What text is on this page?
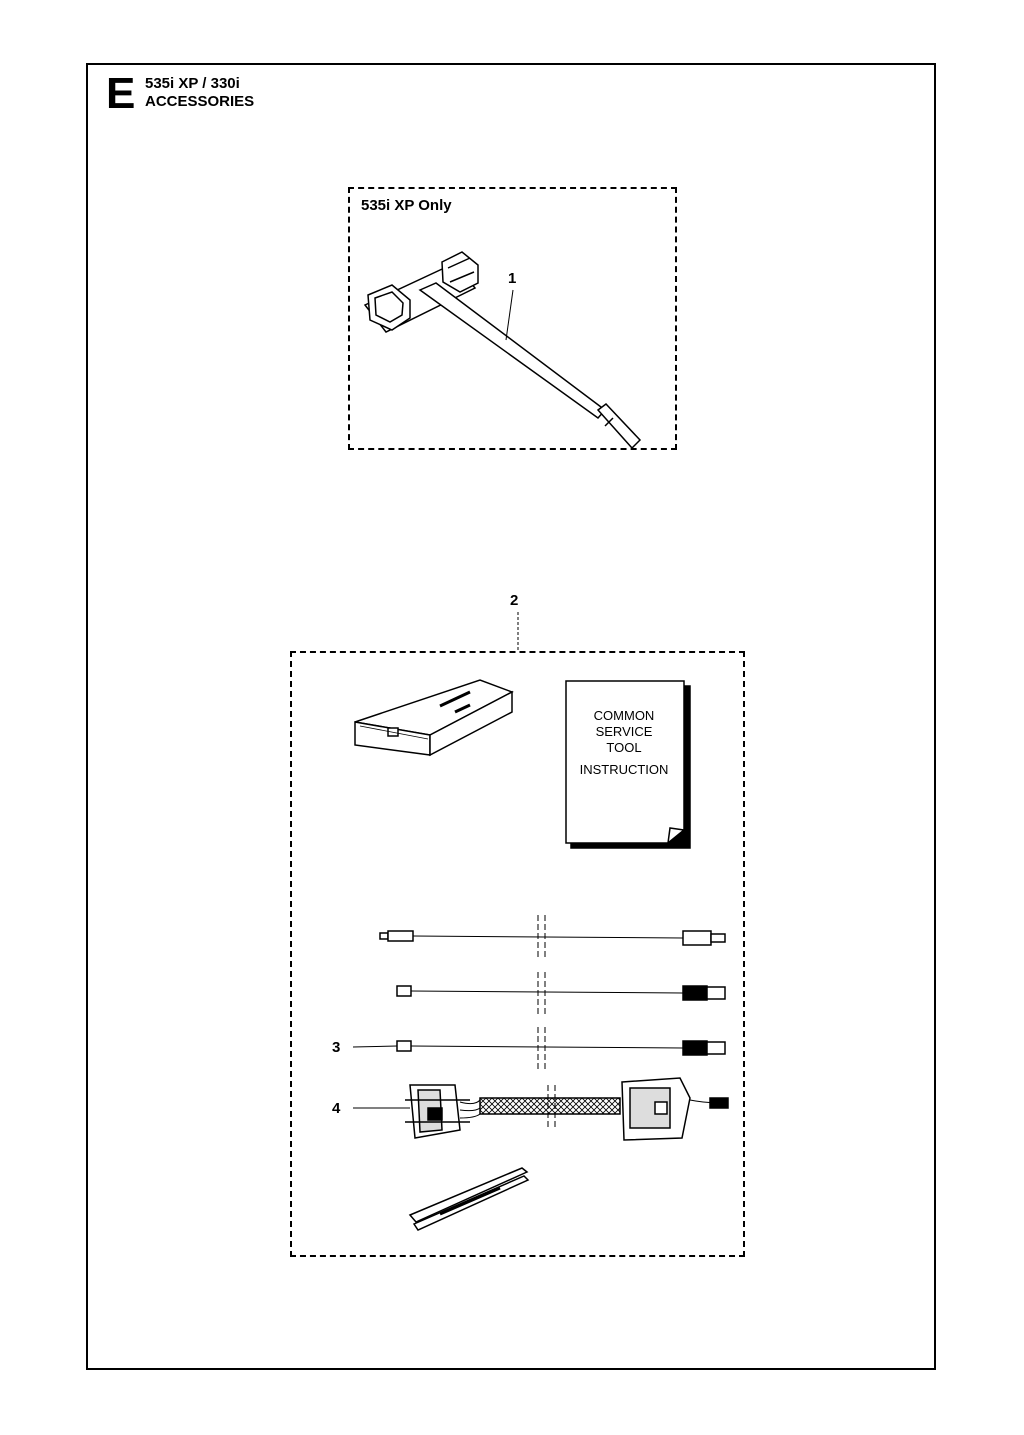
E 535i XP / 330i
ACCESSORIES
535i XP Only
1
2
3
4
COMMON
SERVICE
TOOL
INSTRUCTION
